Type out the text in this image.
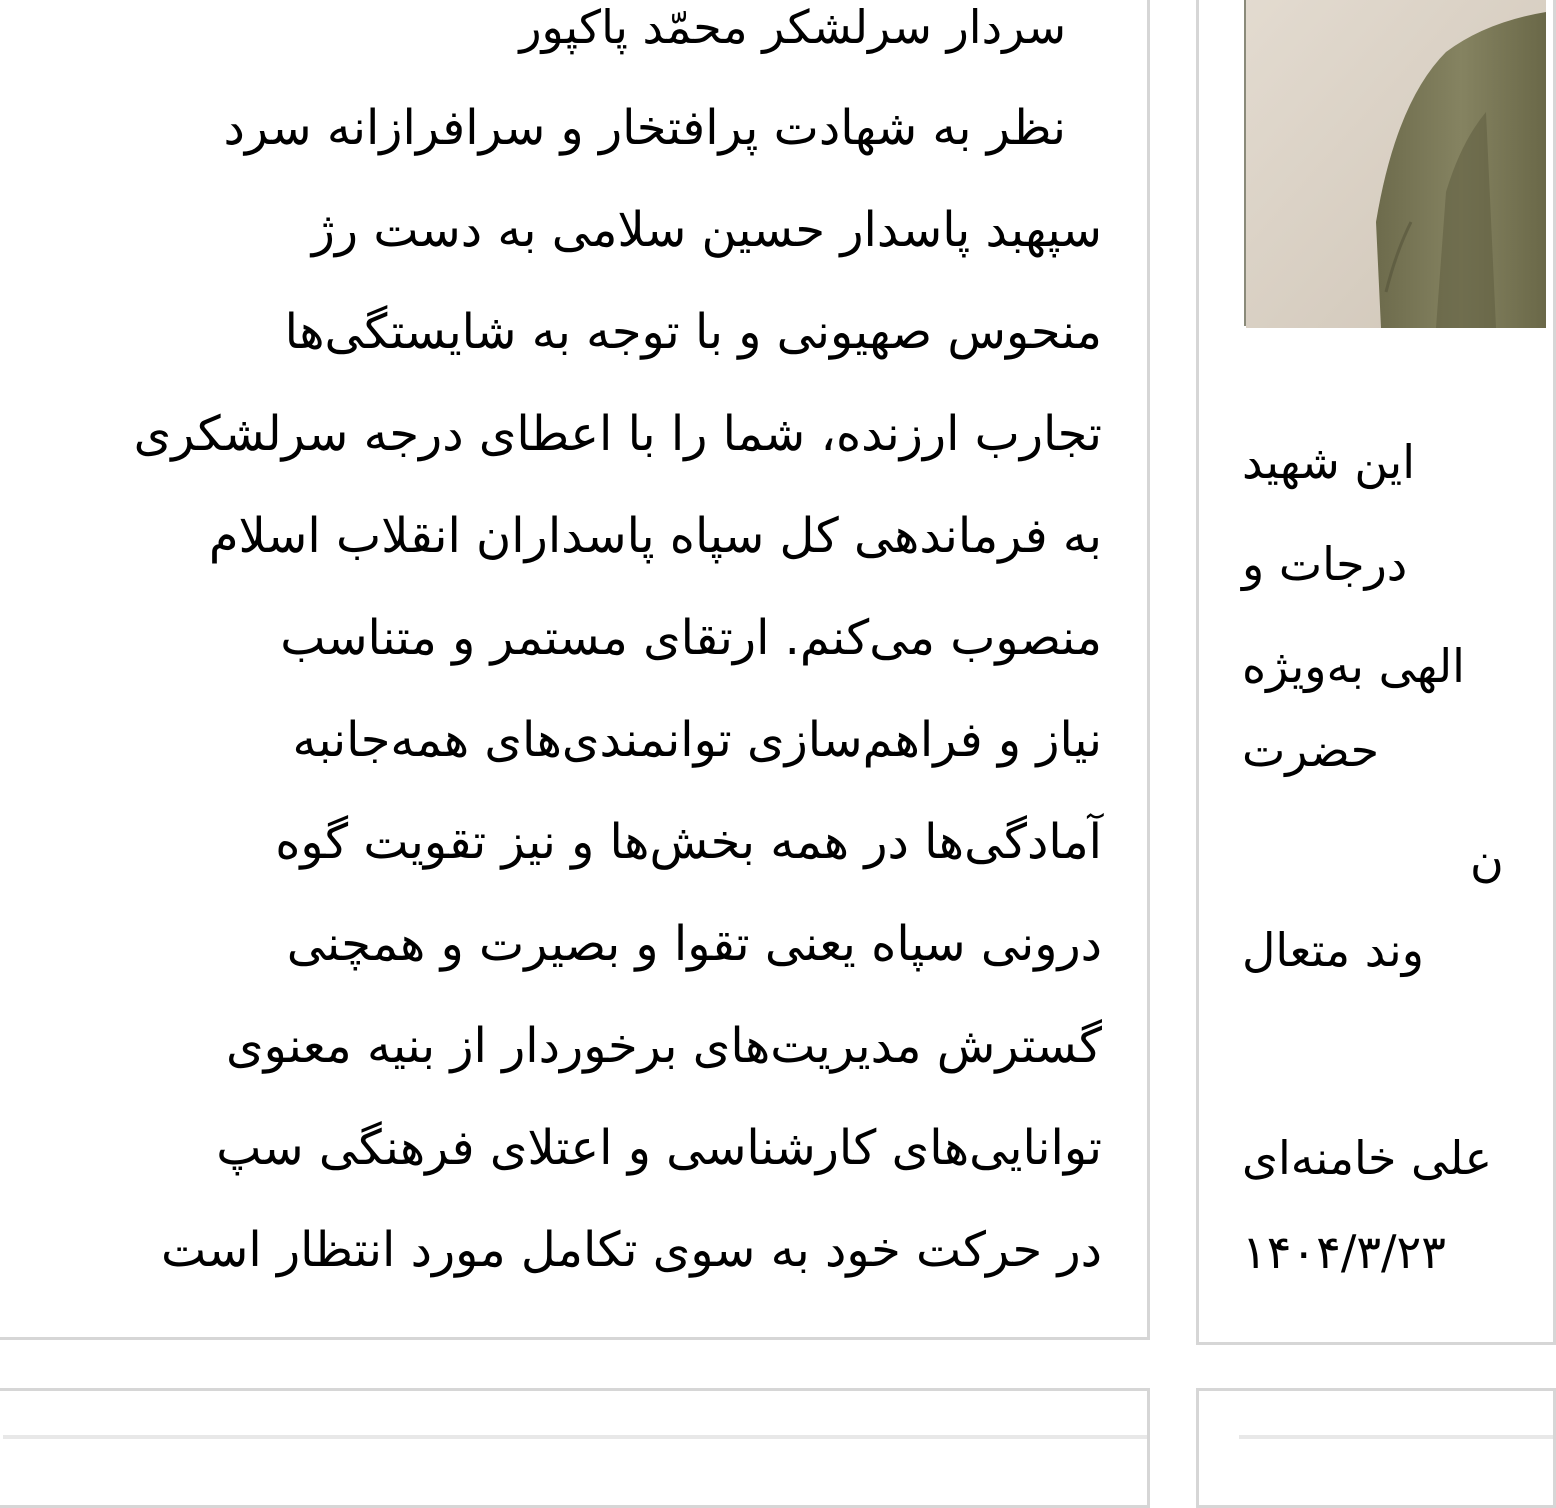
سردار سرلشکر محمّد پاکپور
نظر به شهادت پرافتخار و سرافرازانه سرد
سپهبد پاسدار حسین سلامی به دست رژ
منحوس صهیونی و با توجه به شایستگی‌ها
تجارب ارزنده، شما را با اعطای درجه سرلشکری
به فرماندهی کل سپاه پاسداران انقلاب اسلام
منصوب می‌کنم. ارتقای مستمر و متناسب
نیاز و فراهم‌سازی توانمندی‌های همه‌جانبه
آمادگی‌ها در همه بخش‌ها و نیز تقویت گوه
درونی سپاه یعنی تقوا و بصیرت و همچنی
گسترش مدیریت‌های برخوردار از بنیه معنوی
توانایی‌های کارشناسی و اعتلای فرهنگی سپ
در حرکت خود به سوی تکامل مورد انتظار است
این شهید
درجات و
الهی به‌ویژه
حضرت
ن
وند متعال
علی خامنه‌ای
۱۴۰۴/۳/۲۳
